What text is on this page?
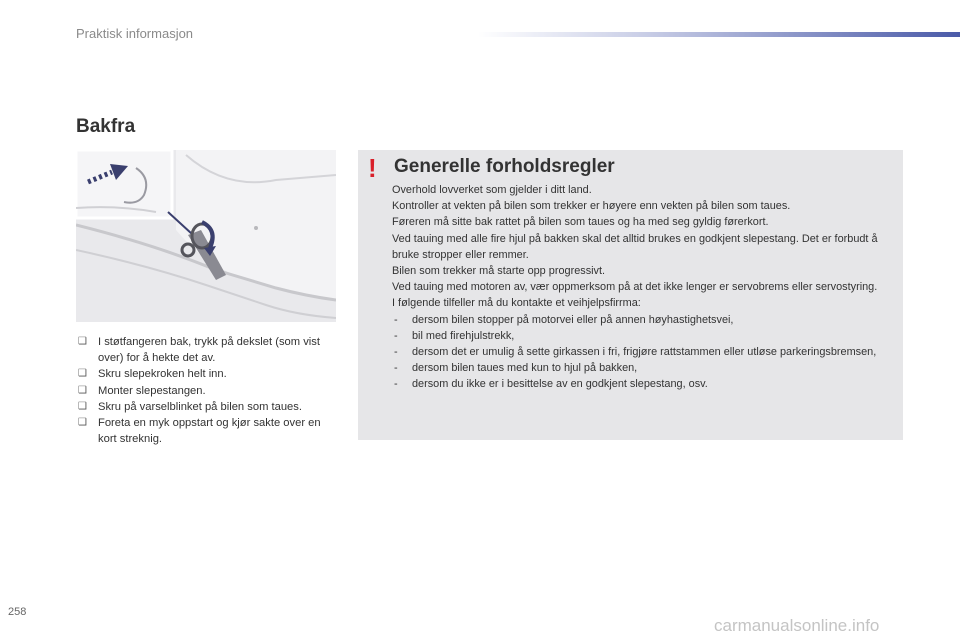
Praktisk informasjon
Bakfra
❑ I støtfangeren bak, trykk på dekslet (som vist over) for å hekte det av.
❑ Skru slepekroken helt inn.
❑ Monter slepestangen.
❑ Skru på varselblinket på bilen som taues.
❑ Foreta en myk oppstart og kjør sakte over en kort streknig.
! Generelle forholdsregler

Overhold lovverket som gjelder i ditt land.

Kontroller at vekten på bilen som trekker er høyere enn vekten på bilen som taues.

Føreren må sitte bak rattet på bilen som taues og ha med seg gyldig førerkort.

Ved tauing med alle fire hjul på bakken skal det alltid brukes en godkjent slepestang. Det er forbudt å bruke stropper eller remmer.

Bilen som trekker må starte opp progressivt.

Ved tauing med motoren av, vær oppmerksom på at det ikke lenger er servobrems eller servostyring.

I følgende tilfeller må du kontakte et veihjelpsfirrma:

- dersom bilen stopper på motorvei eller på annen høyhastighetsvei,
- bil med firehjulstrekk,
- dersom det er umulig å sette girkassen i fri, frigjøre rattstammen eller utløse parkeringsbremsen,
- dersom bilen taues med kun to hjul på bakken,
- dersom du ikke er i besittelse av en godkjent slepestang, osv.
258
carmanualsonline.info
